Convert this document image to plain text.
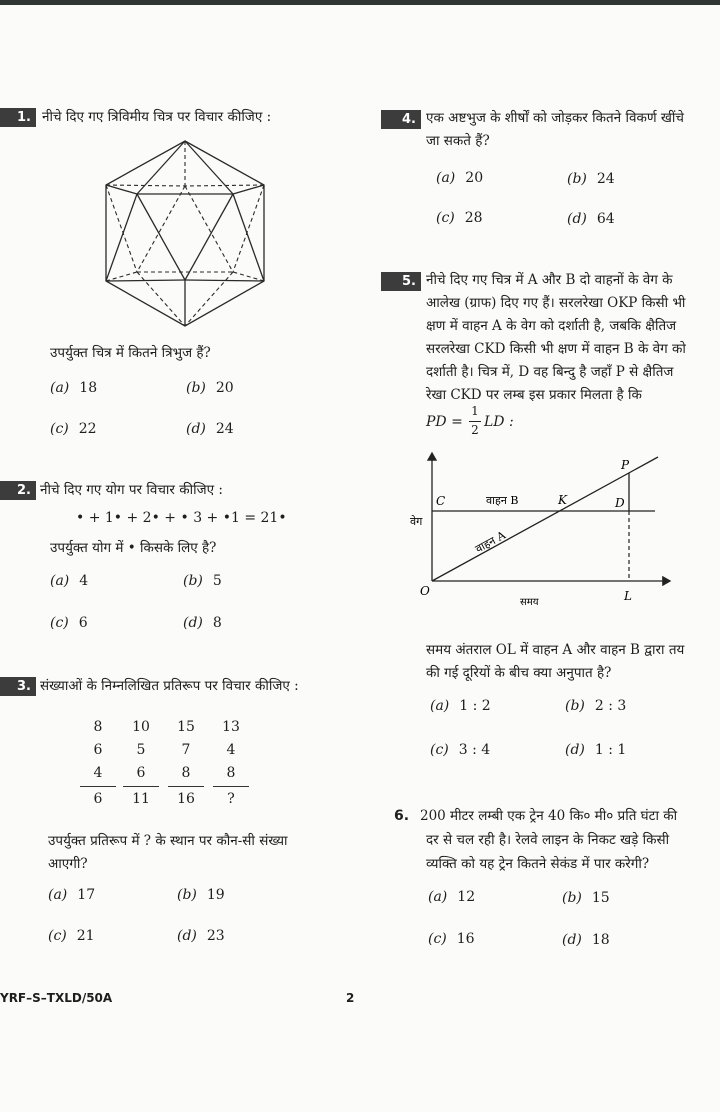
1. नीचे दिए गए त्रिविमीय चित्र पर विचार कीजिए :
उपर्युक्त चित्र में कितने त्रिभुज हैं?
(a) 18	(b) 20
(c) 22	(d) 24
2. नीचे दिए गए योग पर विचार कीजिए :
• + 1• + 2• + • 3 + •1 = 21•
उपर्युक्त योग में • किसके लिए है?
(a) 4	(b) 5
(c) 6	(d) 8
3. संख्याओं के निम्नलिखित प्रतिरूप पर विचार कीजिए :
8	10	15	13
6	5	7	4
4	6	8	8
6	11	16	?
उपर्युक्त प्रतिरूप में ? के स्थान पर कौन-सी संख्या
आएगी?
(a) 17	(b) 19
(c) 21	(d) 23
4. एक अष्टभुज के शीर्षों को जोड़कर कितने विकर्ण खींचे
जा सकते हैं?
(a) 20	(b) 24
(c) 28	(d) 64
5. नीचे दिए गए चित्र में A और B दो वाहनों के वेग के
आलेख (ग्राफ) दिए गए हैं। सरलरेखा OKP किसी भी
क्षण में वाहन A के वेग को दर्शाती है, जबकि क्षैतिज
सरलरेखा CKD किसी भी क्षण में वाहन B के वेग को
दर्शाती है। चित्र में, D वह बिन्दु है जहाँ P से क्षैतिज
रेखा CKD पर लम्ब इस प्रकार मिलता है कि
PD =
1
2 LD :
वेग
समय
O
C	K	D
P
L
वाहन B
वाहन A
समय अंतराल OL में वाहन A और वाहन B द्वारा तय
की गई दूरियों के बीच क्या अनुपात है?
(a) 1 : 2	(b) 2 : 3
(c) 3 : 4	(d) 1 : 1
6. 200 मीटर लम्बी एक ट्रेन 40 कि० मी० प्रति घंटा की
दर से चल रही है। रेलवे लाइन के निकट खड़े किसी
व्यक्ति को यह ट्रेन कितने सेकंड में पार करेगी?
(a) 12	(b) 15
(c) 16	(d) 18
YRF–S–TXLD/50A	2
